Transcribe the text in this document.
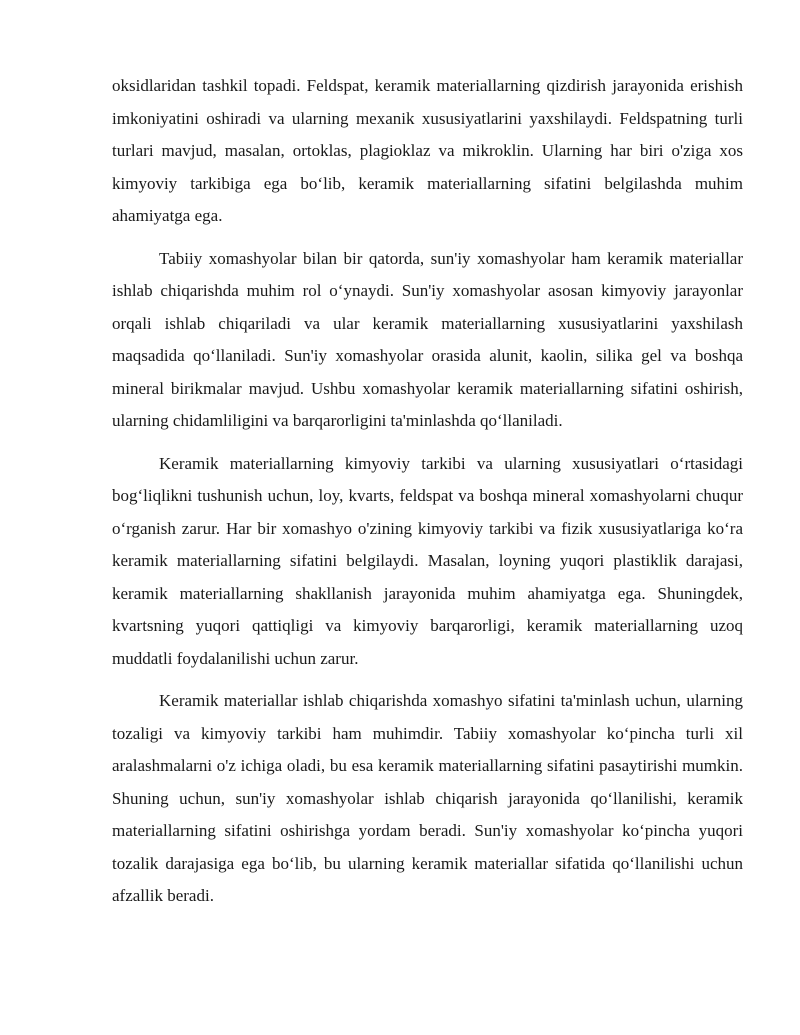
oksidlaridan tashkil topadi. Feldspat, keramik materiallarning qizdirish jarayonida erishish imkoniyatini oshiradi va ularning mexanik xususiyatlarini yaxshilaydi. Feldspatning turli turlari mavjud, masalan, ortoklas, plagioklaz va mikroklin. Ularning har biri o'ziga xos kimyoviy tarkibiga ega bo‘lib, keramik materiallarning sifatini belgilashda muhim ahamiyatga ega.

Tabiiy xomashyolar bilan bir qatorda, sun'iy xomashyolar ham keramik materiallar ishlab chiqarishda muhim rol o‘ynaydi. Sun'iy xomashyolar asosan kimyoviy jarayonlar orqali ishlab chiqariladi va ular keramik materiallarning xususiyatlarini yaxshilash maqsadida qo‘llaniladi. Sun'iy xomashyolar orasida alunit, kaolin, silika gel va boshqa mineral birikmalar mavjud. Ushbu xomashyolar keramik materiallarning sifatini oshirish, ularning chidamliligini va barqarorligini ta'minlashda qo‘llaniladi.

Keramik materiallarning kimyoviy tarkibi va ularning xususiyatlari o‘rtasidagi bog‘liqlikni tushunish uchun, loy, kvarts, feldspat va boshqa mineral xomashyolarni chuqur o‘rganish zarur. Har bir xomashyo o'zining kimyoviy tarkibi va fizik xususiyatlariga ko‘ra keramik materiallarning sifatini belgilaydi. Masalan, loyning yuqori plastiklik darajasi, keramik materiallarning shakllanish jarayonida muhim ahamiyatga ega. Shuningdek, kvartsning yuqori qattiqligi va kimyoviy barqarorligi, keramik materiallarning uzoq muddatli foydalanilishi uchun zarur.

Keramik materiallar ishlab chiqarishda xomashyo sifatini ta'minlash uchun, ularning tozaligi va kimyoviy tarkibi ham muhimdir. Tabiiy xomashyolar ko‘pincha turli xil aralashmalarni o'z ichiga oladi, bu esa keramik materiallarning sifatini pasaytirishi mumkin. Shuning uchun, sun'iy xomashyolar ishlab chiqarish jarayonida qo‘llanilishi, keramik materiallarning sifatini oshirishga yordam beradi. Sun'iy xomashyolar ko‘pincha yuqori tozalik darajasiga ega bo‘lib, bu ularning keramik materiallar sifatida qo‘llanilishi uchun afzallik beradi.
